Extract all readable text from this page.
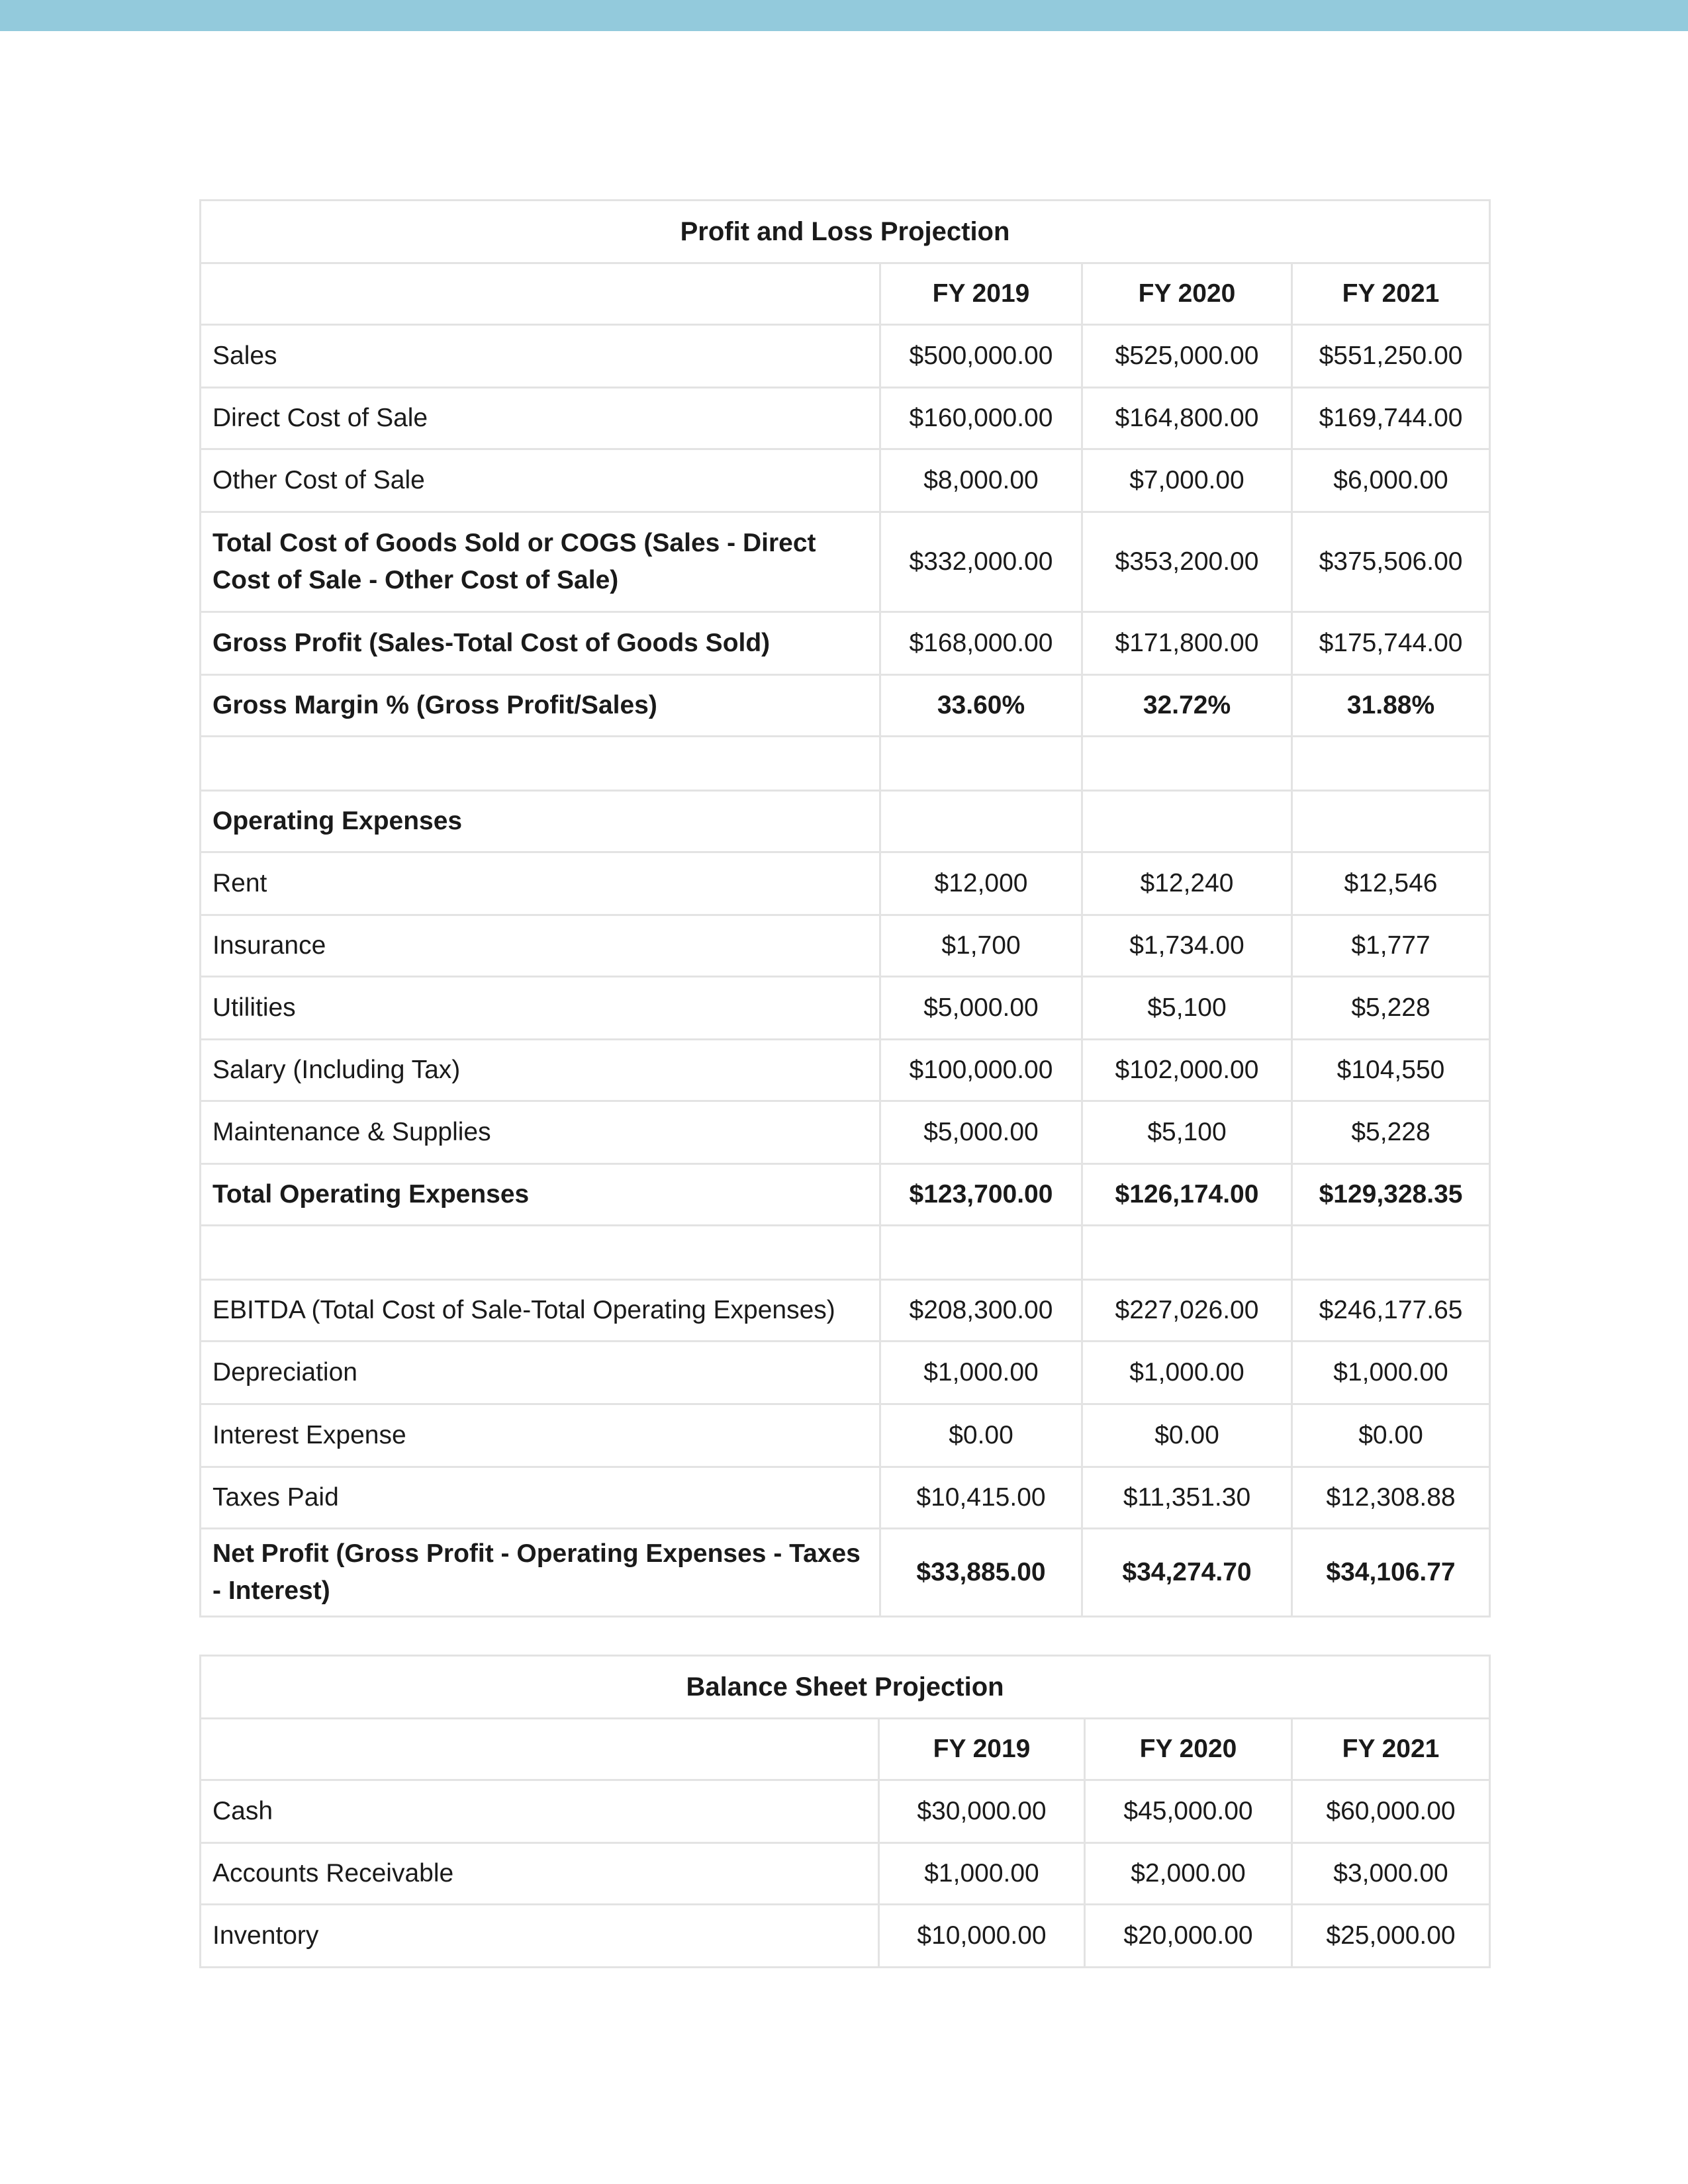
Profit and Loss Projection			
	FY 2019	FY 2020	FY 2021
Sales	$500,000.00	$525,000.00	$551,250.00
Direct Cost of Sale	$160,000.00	$164,800.00	$169,744.00
Other Cost of Sale	$8,000.00	$7,000.00	$6,000.00
Total Cost of Goods Sold or COGS (Sales - Direct Cost of Sale - Other Cost of Sale)	$332,000.00	$353,200.00	$375,506.00
Gross Profit (Sales-Total Cost of Goods Sold)	$168,000.00	$171,800.00	$175,744.00
Gross Margin % (Gross Profit/Sales)	33.60%	32.72%	31.88%

Operating Expenses			
Rent	$12,000	$12,240	$12,546
Insurance	$1,700	$1,734.00	$1,777
Utilities	$5,000.00	$5,100	$5,228
Salary (Including Tax)	$100,000.00	$102,000.00	$104,550
Maintenance & Supplies	$5,000.00	$5,100	$5,228
Total Operating Expenses	$123,700.00	$126,174.00	$129,328.35

EBITDA (Total Cost of Sale-Total Operating Expenses)	$208,300.00	$227,026.00	$246,177.65
Depreciation	$1,000.00	$1,000.00	$1,000.00
Interest Expense	$0.00	$0.00	$0.00
Taxes Paid	$10,415.00	$11,351.30	$12,308.88
Net Profit (Gross Profit - Operating Expenses - Taxes - Interest)	$33,885.00	$34,274.70	$34,106.77
Balance Sheet Projection			
	FY 2019	FY 2020	FY 2021
Cash	$30,000.00	$45,000.00	$60,000.00
Accounts Receivable	$1,000.00	$2,000.00	$3,000.00
Inventory	$10,000.00	$20,000.00	$25,000.00
